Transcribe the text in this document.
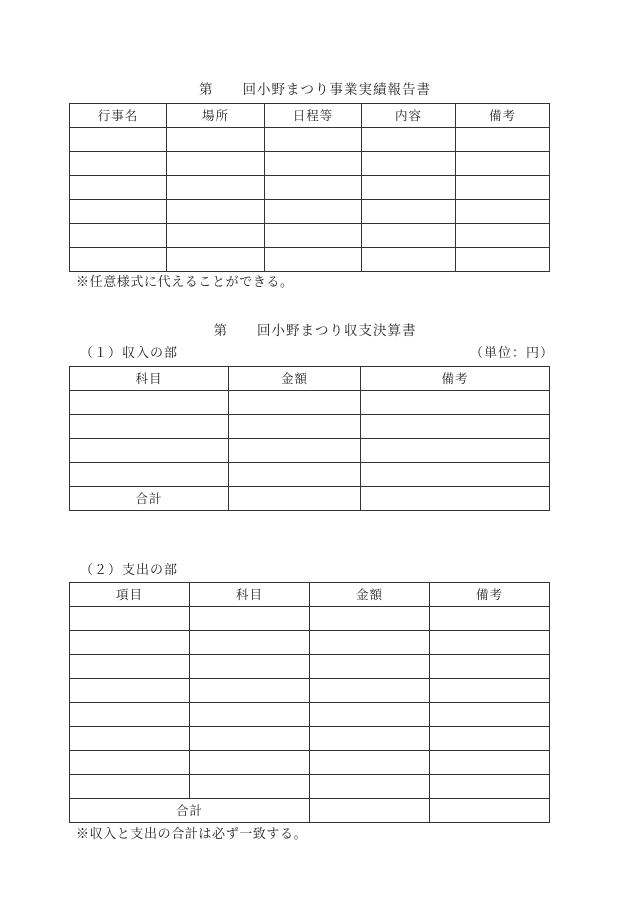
第　　回小野まつり事業実績報告書
行事名	場所	日程等	内容	備考

※任意様式に代えることができる。
第　　回小野まつり収支決算書
（１）収入の部	（単位：円）
科目	金額	備考

合計		
（２）支出の部
項目	科目	金額	備考

合計			
※収入と支出の合計は必ず一致する。
